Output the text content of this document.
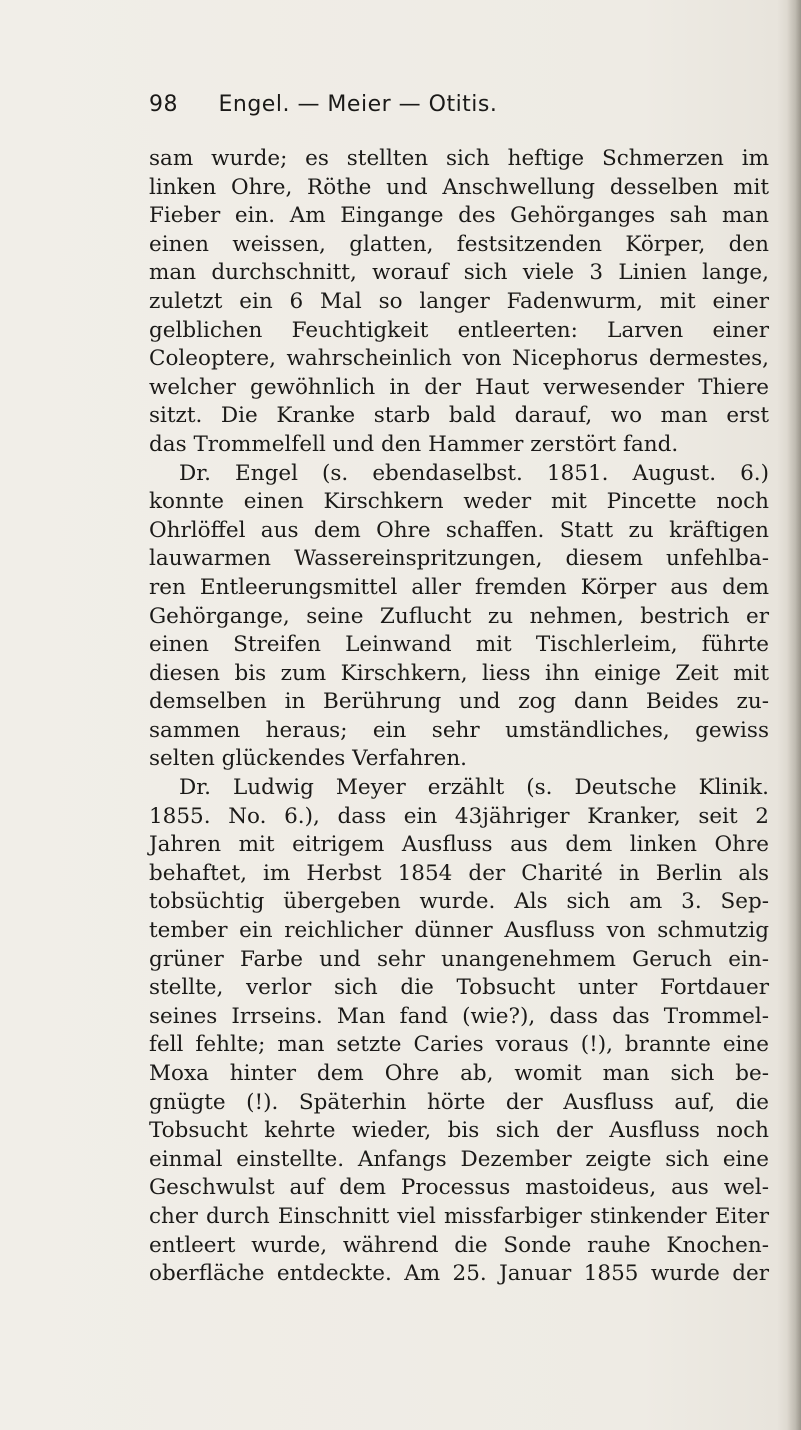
98 Engel. — Meier — Otitis.
sam wurde; es stellten sich heftige Schmerzen im
linken Ohre, Röthe und Anschwellung desselben mit
Fieber ein. Am Eingange des Gehörganges sah man
einen weissen, glatten, festsitzenden Körper, den
man durchschnitt, worauf sich viele 3 Linien lange,
zuletzt ein 6 Mal so langer Fadenwurm, mit einer
gelblichen Feuchtigkeit entleerten: Larven einer
Coleoptere, wahrscheinlich von Nicephorus dermestes,
welcher gewöhnlich in der Haut verwesender Thiere
sitzt. Die Kranke starb bald darauf, wo man erst
das Trommelfell und den Hammer zerstört fand.
Dr. Engel (s. ebendaselbst. 1851. August. 6.)
konnte einen Kirschkern weder mit Pincette noch
Ohrlöffel aus dem Ohre schaffen. Statt zu kräftigen
lauwarmen Wassereinspritzungen, diesem unfehlba-
ren Entleerungsmittel aller fremden Körper aus dem
Gehörgange, seine Zuflucht zu nehmen, bestrich er
einen Streifen Leinwand mit Tischlerleim, führte
diesen bis zum Kirschkern, liess ihn einige Zeit mit
demselben in Berührung und zog dann Beides zu-
sammen heraus; ein sehr umständliches, gewiss
selten glückendes Verfahren.
Dr. Ludwig Meyer erzählt (s. Deutsche Klinik.
1855. No. 6.), dass ein 43jähriger Kranker, seit 2
Jahren mit eitrigem Ausfluss aus dem linken Ohre
behaftet, im Herbst 1854 der Charité in Berlin als
tobsüchtig übergeben wurde. Als sich am 3. Sep-
tember ein reichlicher dünner Ausfluss von schmutzig
grüner Farbe und sehr unangenehmem Geruch ein-
stellte, verlor sich die Tobsucht unter Fortdauer
seines Irrseins. Man fand (wie?), dass das Trommel-
fell fehlte; man setzte Caries voraus (!), brannte eine
Moxa hinter dem Ohre ab, womit man sich be-
gnügte (!). Späterhin hörte der Ausfluss auf, die
Tobsucht kehrte wieder, bis sich der Ausfluss noch
einmal einstellte. Anfangs Dezember zeigte sich eine
Geschwulst auf dem Processus mastoideus, aus wel-
cher durch Einschnitt viel missfarbiger stinkender Eiter
entleert wurde, während die Sonde rauhe Knochen-
oberfläche entdeckte. Am 25. Januar 1855 wurde der
